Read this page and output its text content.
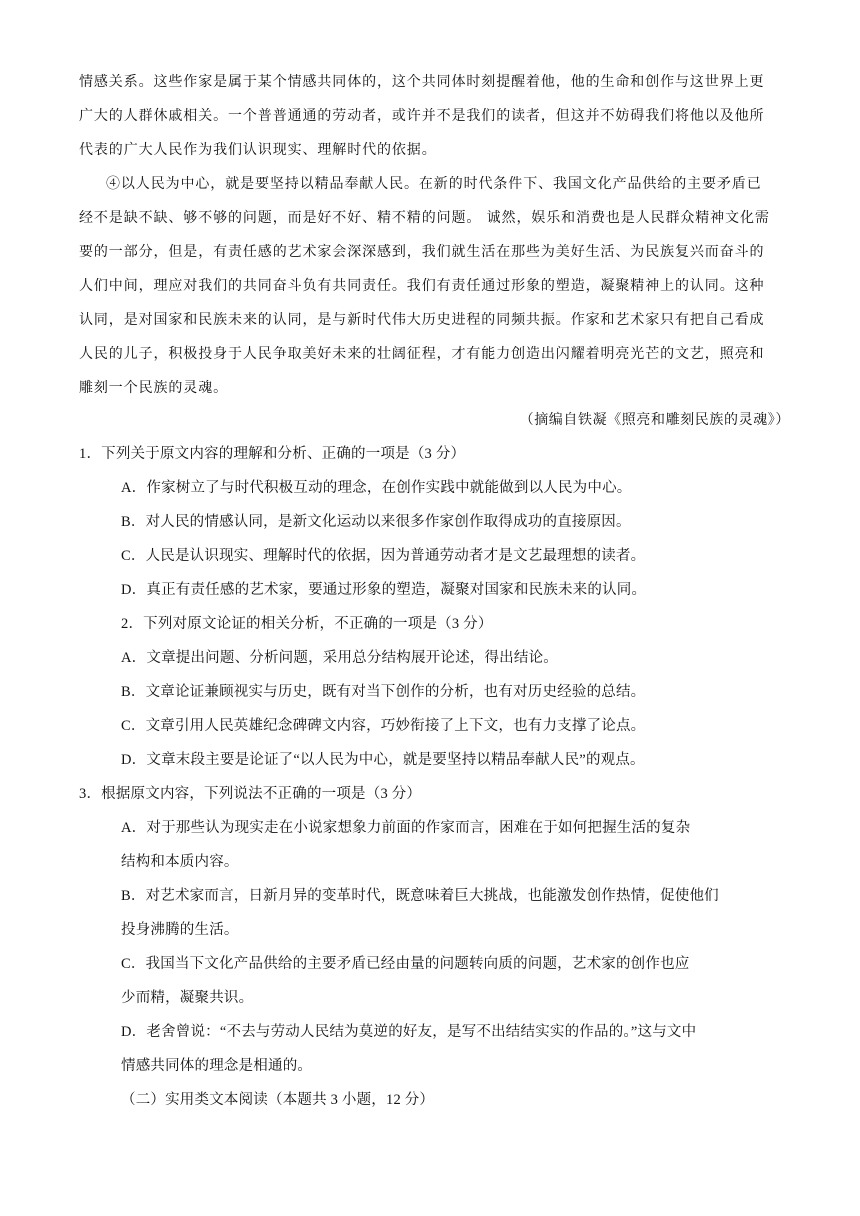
情感关系。这些作家是属于某个情感共同体的，这个共同体时刻提醒着他，他的生命和创作与这世界上更
广大的人群休戚相关。一个普普通通的劳动者，或许并不是我们的读者，但这并不妨碍我们将他以及他所
代表的广大人民作为我们认识现实、理解时代的依据。
④以人民为中心，就是要坚持以精品奉献人民。在新的时代条件下、我国文化产品供给的主要矛盾已
经不是缺不缺、够不够的问题，而是好不好、精不精的问题。 诚然，娱乐和消费也是人民群众精神文化需
要的一部分，但是，有责任感的艺术家会深深感到，我们就生活在那些为美好生活、为民族复兴而奋斗的
人们中间，理应对我们的共同奋斗负有共同责任。我们有责任通过形象的塑造，凝聚精神上的认同。这种
认同，是对国家和民族未来的认同，是与新时代伟大历史进程的同频共振。作家和艺术家只有把自己看成
人民的儿子，积极投身于人民争取美好未来的壮阔征程，才有能力创造出闪耀着明亮光芒的文艺，照亮和
雕刻一个民族的灵魂。
（摘编自铁凝《照亮和雕刻民族的灵魂》）
1．下列关于原文内容的理解和分析、正确的一项是（3 分）
A．作家树立了与时代积极互动的理念，在创作实践中就能做到以人民为中心。
B．对人民的情感认同，是新文化运动以来很多作家创作取得成功的直接原因。
C．人民是认识现实、理解时代的依据，因为普通劳动者才是文艺最理想的读者。
D．真正有责任感的艺术家，要通过形象的塑造，凝聚对国家和民族未来的认同。
2．下列对原文论证的相关分析，不正确的一项是（3 分）
A．文章提出问题、分析问题，采用总分结构展开论述，得出结论。
B．文章论证兼顾视实与历史，既有对当下创作的分析，也有对历史经验的总结。
C．文章引用人民英雄纪念碑碑文内容，巧妙衔接了上下文，也有力支撑了论点。
D．文章末段主要是论证了“以人民为中心，就是要坚持以精品奉献人民”的观点。
3．根据原文内容，下列说法不正确的一项是（3 分）
A．对于那些认为现实走在小说家想象力前面的作家而言，困难在于如何把握生活的复杂
结构和本质内容。
B．对艺术家而言，日新月异的变革时代，既意味着巨大挑战，也能激发创作热情，促使他们
投身沸腾的生活。
C．我国当下文化产品供给的主要矛盾已经由量的问题转向质的问题，艺术家的创作也应
少而精，凝聚共识。
D．老舍曾说：“不去与劳动人民结为莫逆的好友，是写不出结结实实的作品的。”这与文中
情感共同体的理念是相通的。
（二）实用类文本阅读（本题共 3 小题，12 分）
